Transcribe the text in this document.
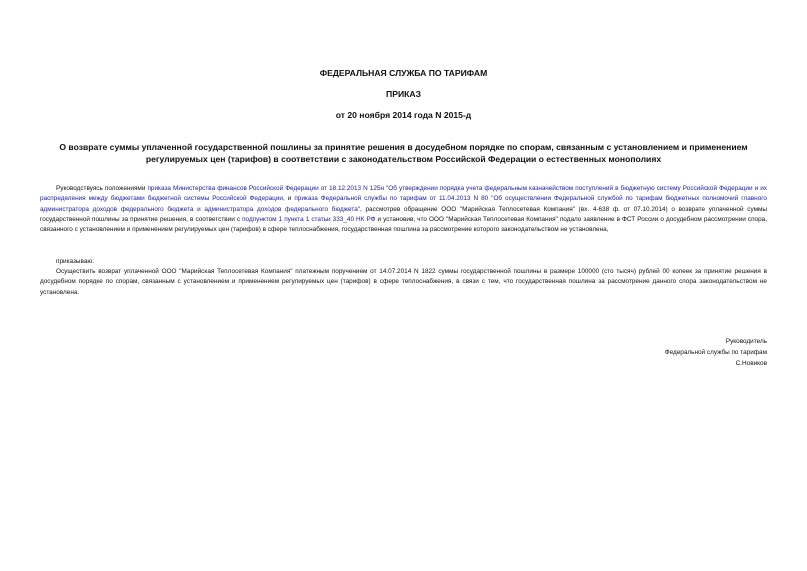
ФЕДЕРАЛЬНАЯ СЛУЖБА ПО ТАРИФАМ
ПРИКАЗ
от 20 ноября 2014 года N 2015-д
О возврате суммы уплаченной государственной пошлины за принятие решения в досудебном порядке по спорам, связанным с установлением и применением
регулируемых цен (тарифов) в соответствии с законодательством Российской Федерации о естественных монополиях
Руководствуясь положениями приказа Министерства финансов Российской Федерации от 18.12.2013 N 125н "Об утверждении порядка учета федеральным казначейством поступлений в бюджетную систему Российской Федерации и их распределения между бюджетами бюджетной системы Российской Федерации, и приказа Федеральной службы по тарифам от 11.04.2013 N 80 "Об осуществлении Федеральной службой по тарифам бюджетных полномочий главного администратора доходов федерального бюджета и администратора доходов федерального бюджета", рассмотрев обращение ООО "Марийская Теплосетевая Компания" (вх. 4-638 ф. от 07.10.2014) о возврате уплаченной суммы государственной пошлины за принятие решения, в соответствии с подпунктом 1 пункта 1 статьи 333_40 НК РФ и установив, что ООО "Марийская Теплосетевая Компания" подало заявление в ФСТ России о досудебном рассмотрении спора, связанного с установлением и применением регулируемых цен (тарифов) в сфере теплоснабжения, государственная пошлина за рассмотрение которого законодательством не установлена,
приказываю:
Осуществить возврат уплаченной ООО "Марийская Теплосетевая Компания" платежным поручением от 14.07.2014 N 1822 суммы государственной пошлины в размере 100000 (сто тысяч) рублей 00 копеек за принятие решения в досудебном порядке по спорам, связанным с установлением и применением регулируемых цен (тарифов) в сфере теплоснабжения, в связи с тем, что государственная пошлина за рассмотрение данного спора законодательством не установлена.
Руководитель
Федеральной службы по тарифам
С.Новиков
